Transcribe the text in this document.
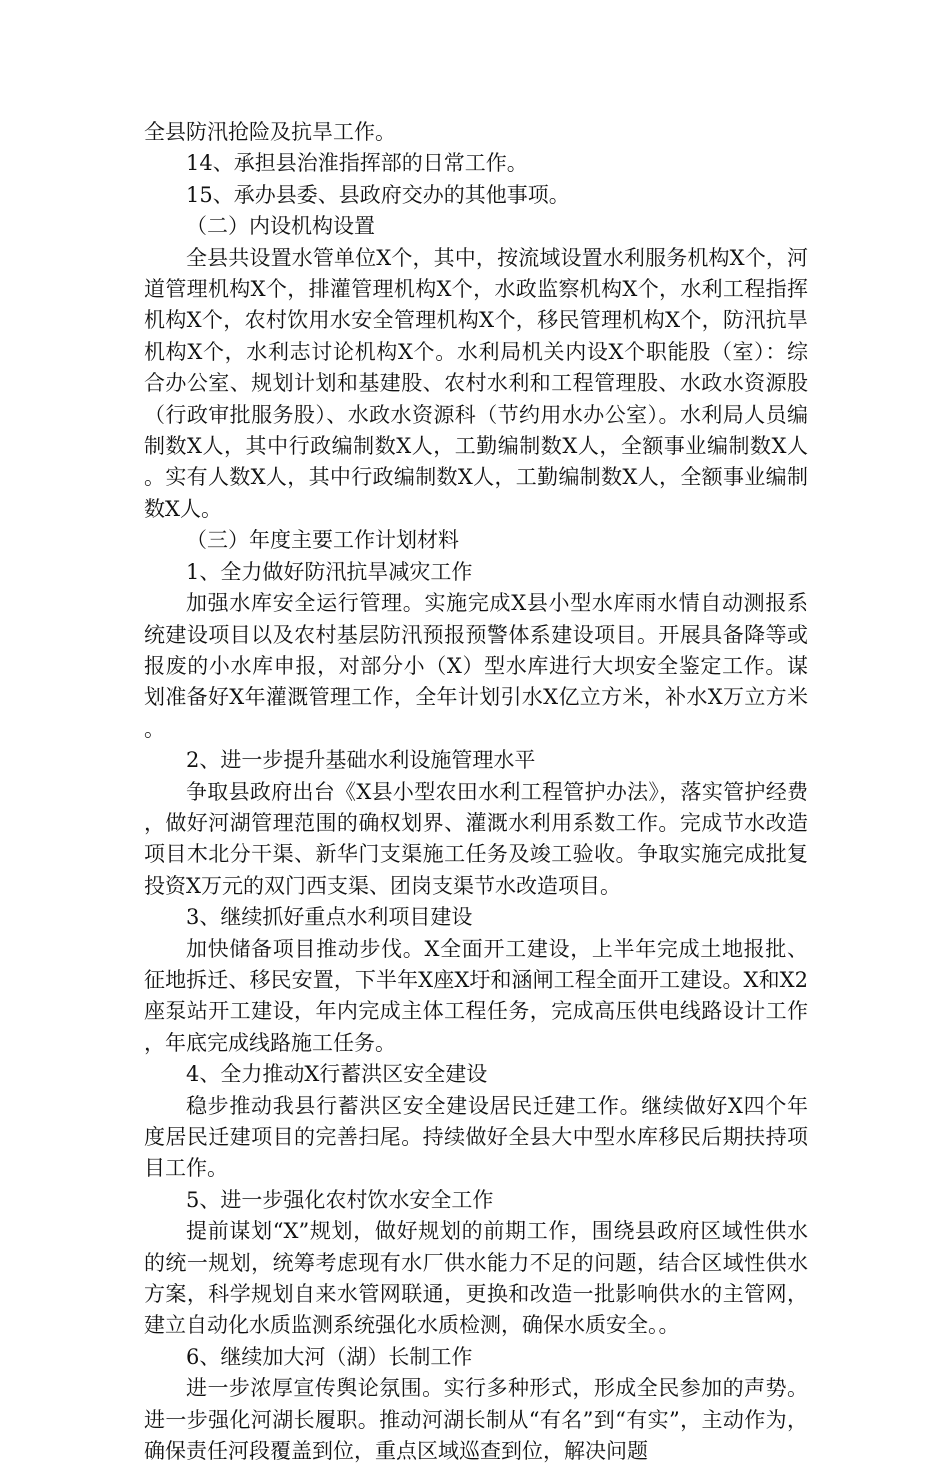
全县防汛抢险及抗旱工作。

14、承担县治淮指挥部的日常工作。

15、承办县委、县政府交办的其他事项。

（二）内设机构设置

全县共设置水管单位X个，其中，按流域设置水利服务机构X个，河道管理机构X个，排灌管理机构X个，水政监察机构X个，水利工程指挥机构X个，农村饮用水安全管理机构X个，移民管理机构X个，防汛抗旱机构X个，水利志讨论机构X个。水利局机关内设X个职能股（室）：综合办公室、规划计划和基建股、农村水利和工程管理股、水政水资源股（行政审批服务股）、水政水资源科（节约用水办公室）。水利局人员编制数X人，其中行政编制数X人，工勤编制数X人，全额事业编制数X人。实有人数X人，其中行政编制数X人，工勤编制数X人，全额事业编制数X人。

（三）年度主要工作计划材料

1、全力做好防汛抗旱减灾工作

加强水库安全运行管理。实施完成X县小型水库雨水情自动测报系统建设项目以及农村基层防汛预报预警体系建设项目。开展具备降等或报废的小水库申报，对部分小（X）型水库进行大坝安全鉴定工作。谋划准备好X年灌溉管理工作，全年计划引水X亿立方米，补水X万立方米。

2、进一步提升基础水利设施管理水平

争取县政府出台《X县小型农田水利工程管护办法》，落实管护经费，做好河湖管理范围的确权划界、灌溉水利用系数工作。完成节水改造项目木北分干渠、新华门支渠施工任务及竣工验收。争取实施完成批复投资X万元的双门西支渠、团岗支渠节水改造项目。

3、继续抓好重点水利项目建设

加快储备项目推动步伐。X全面开工建设，上半年完成土地报批、征地拆迁、移民安置，下半年X座X圩和涵闸工程全面开工建设。X和X2座泵站开工建设，年内完成主体工程任务，完成高压供电线路设计工作，年底完成线路施工任务。

4、全力推动X行蓄洪区安全建设

稳步推动我县行蓄洪区安全建设居民迁建工作。继续做好X四个年度居民迁建项目的完善扫尾。持续做好全县大中型水库移民后期扶持项目工作。

5、进一步强化农村饮水安全工作

提前谋划“X”规划，做好规划的前期工作，围绕县政府区域性供水的统一规划，统筹考虑现有水厂供水能力不足的问题，结合区域性供水方案，科学规划自来水管网联通，更换和改造一批影响供水的主管网，建立自动化水质监测系统强化水质检测，确保水质安全。。

6、继续加大河（湖）长制工作

进一步浓厚宣传舆论氛围。实行多种形式，形成全民参加的声势。进一步强化河湖长履职。推动河湖长制从“有名”到“有实”，主动作为，确保责任河段覆盖到位，重点区域巡查到位，解决问题
